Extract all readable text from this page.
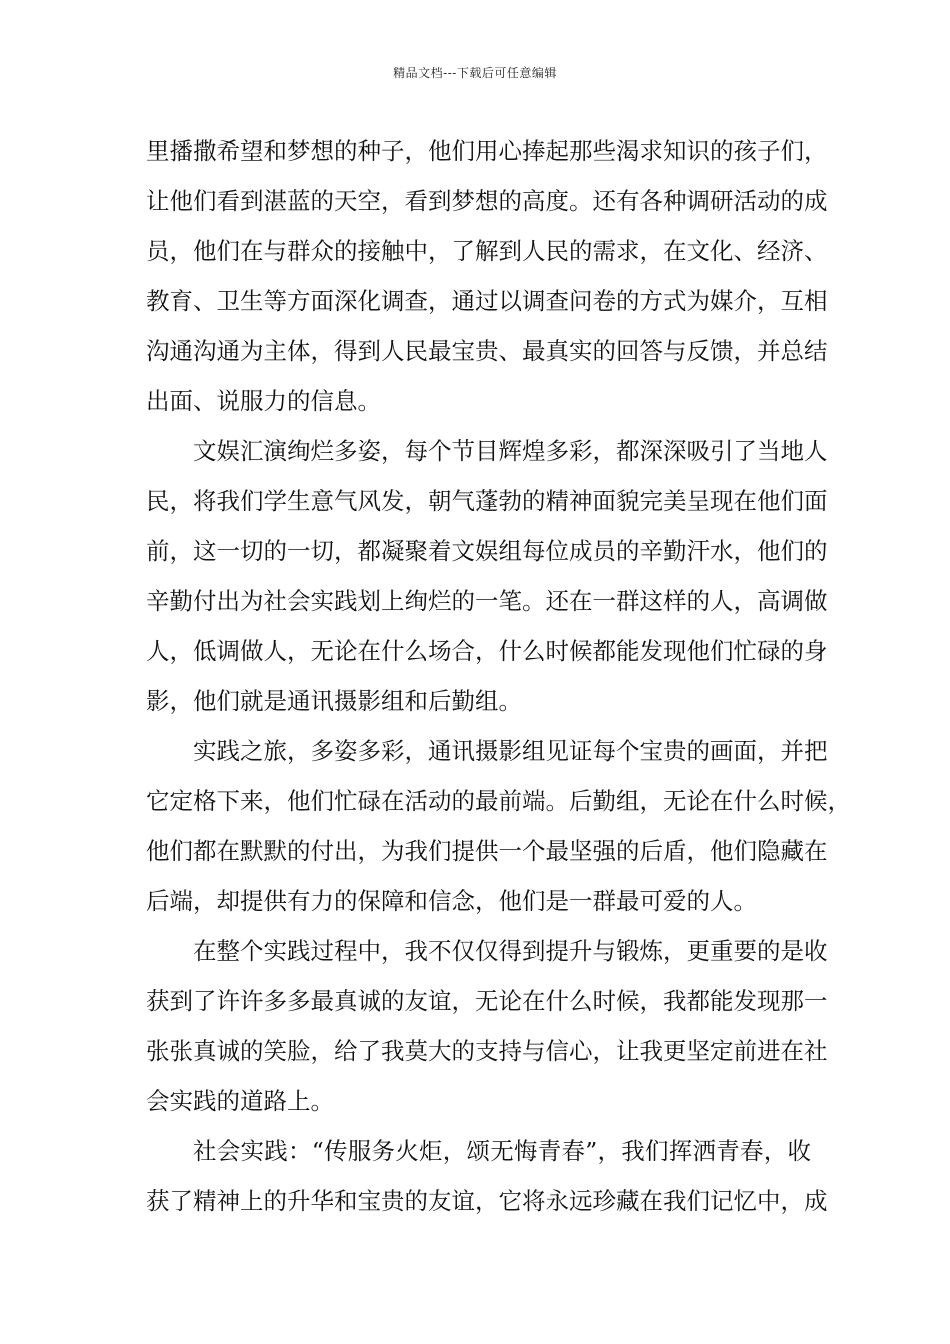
精品文档---下载后可任意编辑
里播撒希望和梦想的种子，他们用心捧起那些渴求知识的孩子们，
让他们看到湛蓝的天空，看到梦想的高度。还有各种调研活动的成
员，他们在与群众的接触中，了解到人民的需求，在文化、经济、
教育、卫生等方面深化调查，通过以调查问卷的方式为媒介，互相
沟通沟通为主体，得到人民最宝贵、最真实的回答与反馈，并总结
出面、说服力的信息。
文娱汇演绚烂多姿，每个节目辉煌多彩，都深深吸引了当地人
民，将我们学生意气风发，朝气蓬勃的精神面貌完美呈现在他们面
前，这一切的一切，都凝聚着文娱组每位成员的辛勤汗水，他们的
辛勤付出为社会实践划上绚烂的一笔。还在一群这样的人，高调做
人，低调做人，无论在什么场合，什么时候都能发现他们忙碌的身
影，他们就是通讯摄影组和后勤组。
实践之旅，多姿多彩，通讯摄影组见证每个宝贵的画面，并把
它定格下来，他们忙碌在活动的最前端。后勤组，无论在什么时候，
他们都在默默的付出，为我们提供一个最坚强的后盾，他们隐藏在
后端，却提供有力的保障和信念，他们是一群最可爱的人。
在整个实践过程中，我不仅仅得到提升与锻炼，更重要的是收
获到了许许多多最真诚的友谊，无论在什么时候，我都能发现那一
张张真诚的笑脸，给了我莫大的支持与信心，让我更坚定前进在社
会实践的道路上。
社会实践：“传服务火炬，颂无悔青春”，我们挥洒青春，收
获了精神上的升华和宝贵的友谊，它将永远珍藏在我们记忆中，成
